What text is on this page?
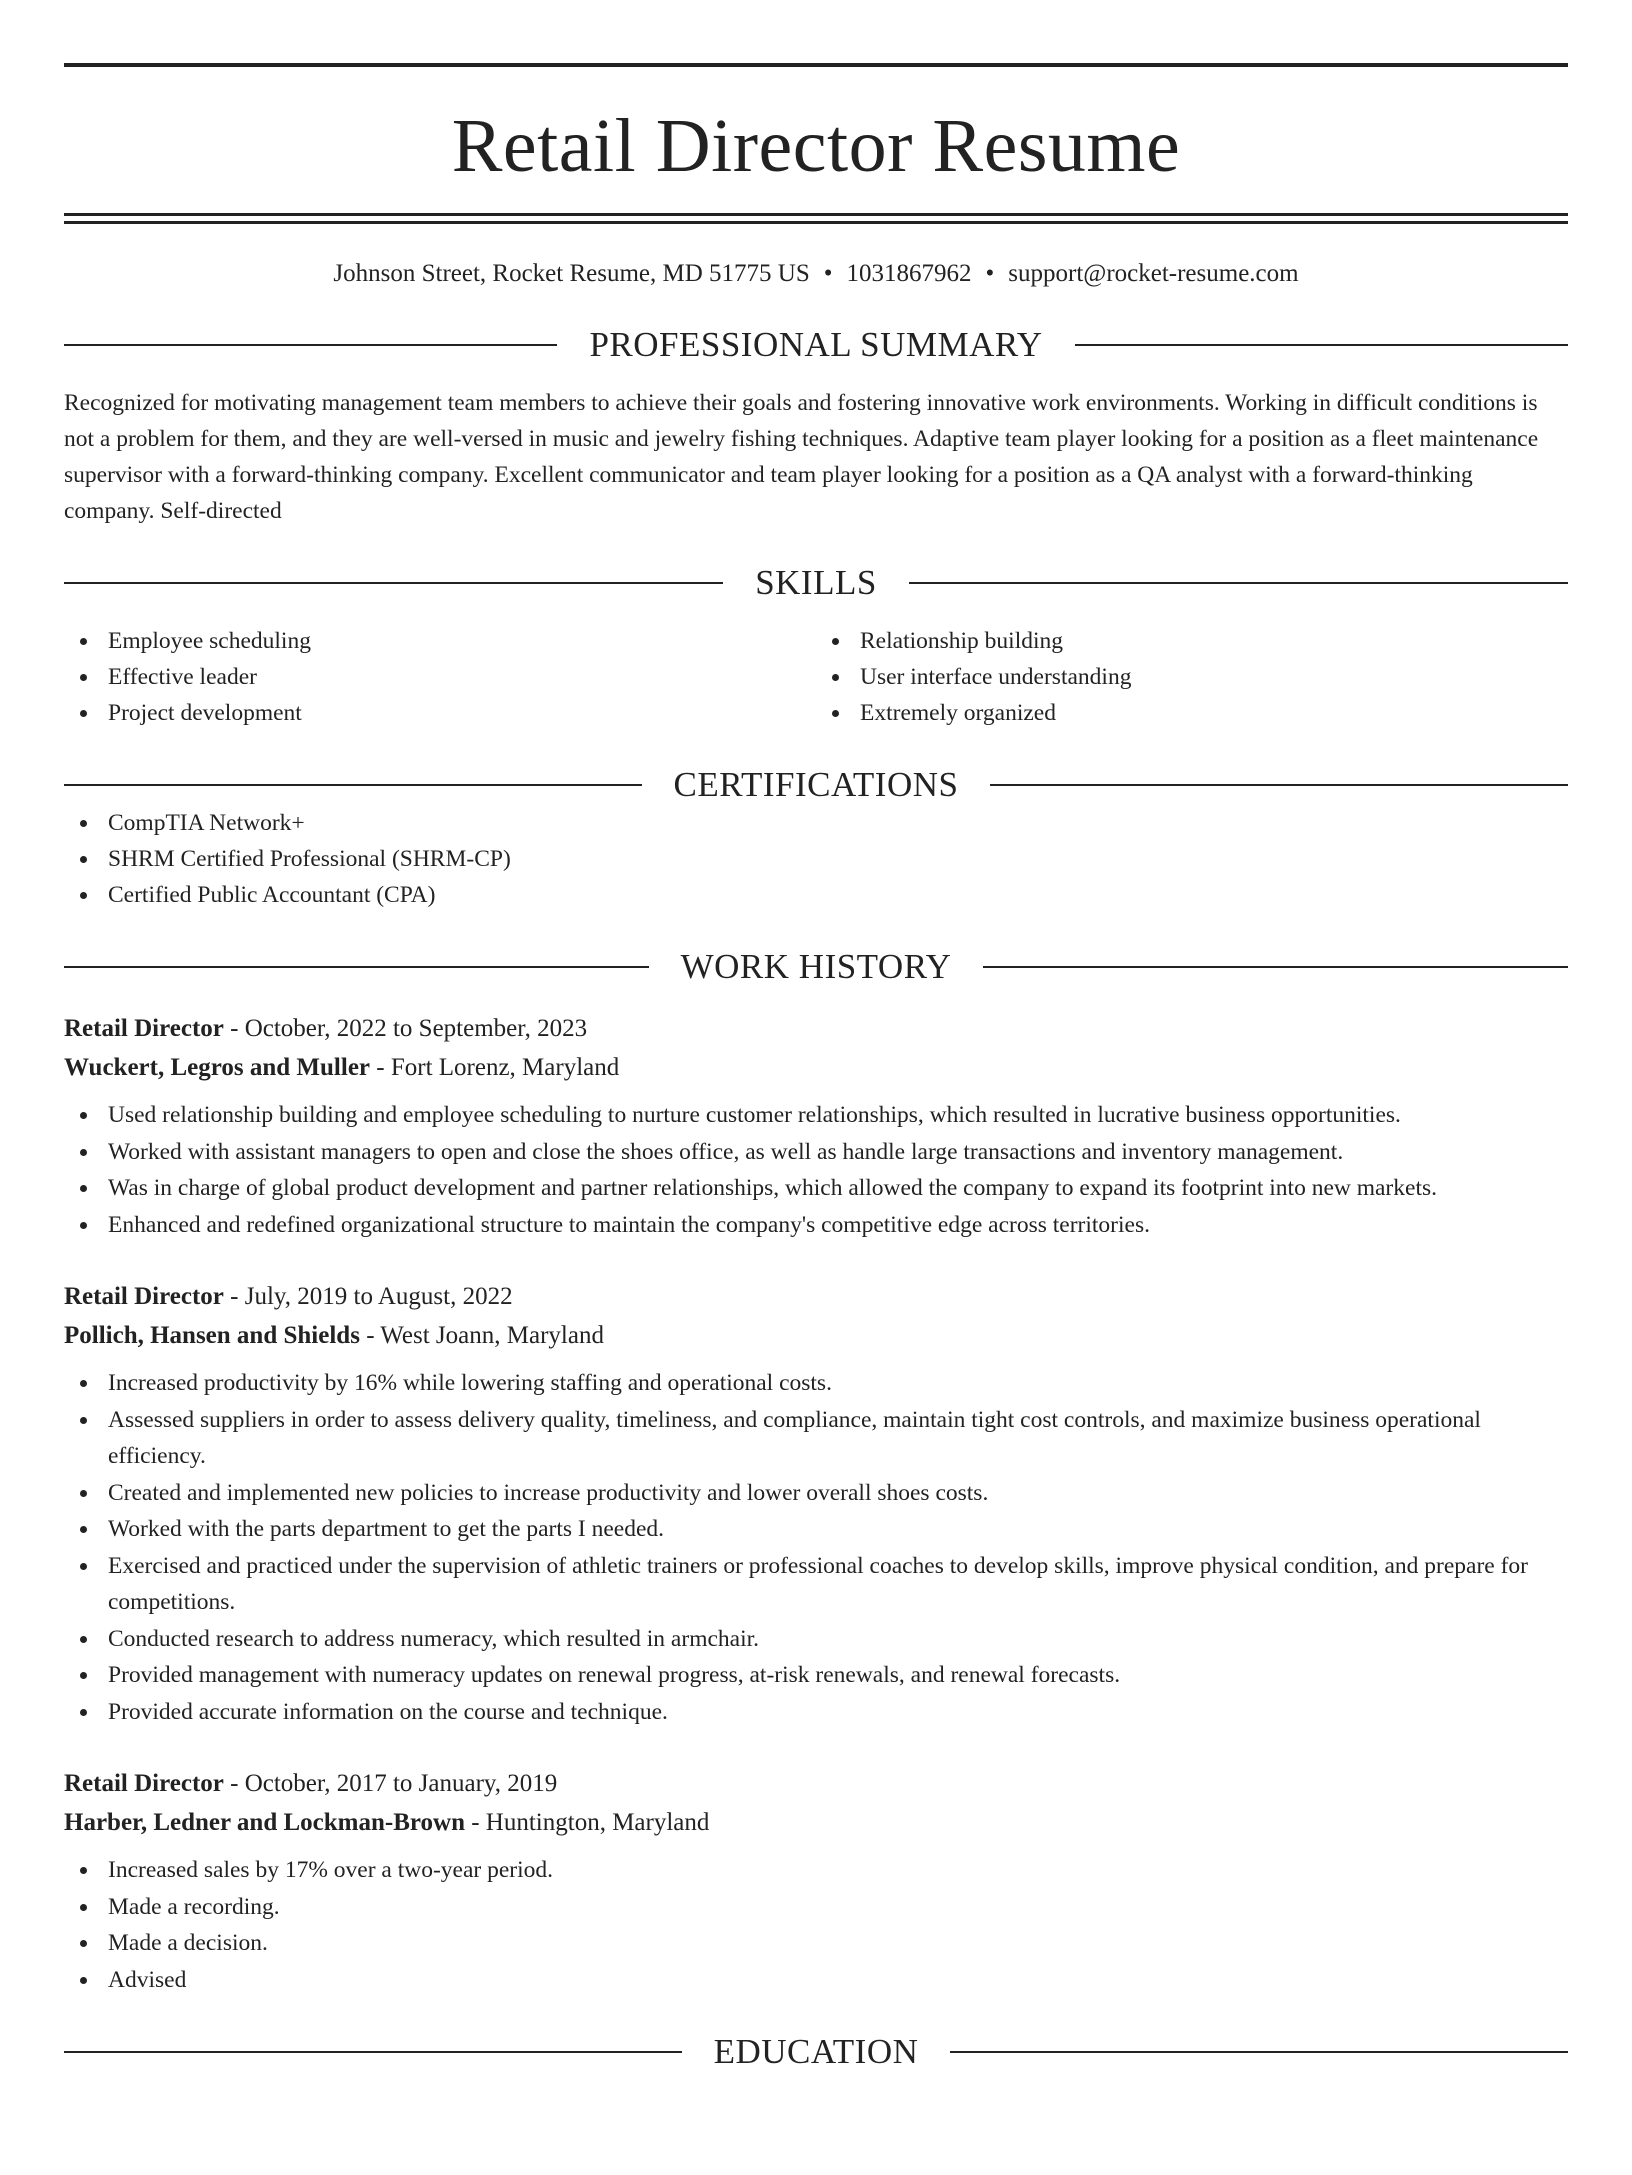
Retail Director Resume
Johnson Street, Rocket Resume, MD 51775 US • 1031867962 • support@rocket-resume.com
PROFESSIONAL SUMMARY
Recognized for motivating management team members to achieve their goals and fostering innovative work environments. Working in difficult conditions is not a problem for them, and they are well-versed in music and jewelry fishing techniques. Adaptive team player looking for a position as a fleet maintenance supervisor with a forward-thinking company. Excellent communicator and team player looking for a position as a QA analyst with a forward-thinking company. Self-directed
SKILLS
Employee scheduling
Effective leader
Project development
Relationship building
User interface understanding
Extremely organized
CERTIFICATIONS
CompTIA Network+
SHRM Certified Professional (SHRM-CP)
Certified Public Accountant (CPA)
WORK HISTORY
Retail Director - October, 2022 to September, 2023
Wuckert, Legros and Muller - Fort Lorenz, Maryland
Used relationship building and employee scheduling to nurture customer relationships, which resulted in lucrative business opportunities.
Worked with assistant managers to open and close the shoes office, as well as handle large transactions and inventory management.
Was in charge of global product development and partner relationships, which allowed the company to expand its footprint into new markets.
Enhanced and redefined organizational structure to maintain the company's competitive edge across territories.
Retail Director - July, 2019 to August, 2022
Pollich, Hansen and Shields - West Joann, Maryland
Increased productivity by 16% while lowering staffing and operational costs.
Assessed suppliers in order to assess delivery quality, timeliness, and compliance, maintain tight cost controls, and maximize business operational efficiency.
Created and implemented new policies to increase productivity and lower overall shoes costs.
Worked with the parts department to get the parts I needed.
Exercised and practiced under the supervision of athletic trainers or professional coaches to develop skills, improve physical condition, and prepare for competitions.
Conducted research to address numeracy, which resulted in armchair.
Provided management with numeracy updates on renewal progress, at-risk renewals, and renewal forecasts.
Provided accurate information on the course and technique.
Retail Director - October, 2017 to January, 2019
Harber, Ledner and Lockman-Brown - Huntington, Maryland
Increased sales by 17% over a two-year period.
Made a recording.
Made a decision.
Advised
EDUCATION
